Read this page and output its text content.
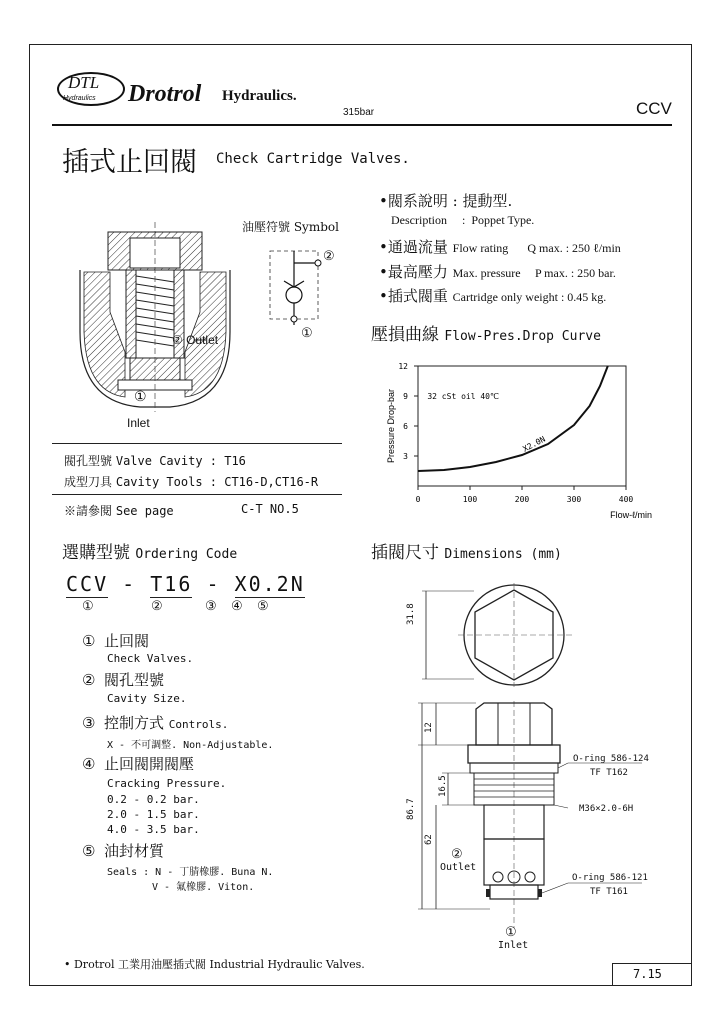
DTL
Hydraulics Drotrol Hydraulics.
315bar	CCV
插式止回閥 Check Cartridge Valves.
② Outlet
①
Inlet
油壓符號 Symbol
②
①
•閥系說明 : 提動型.
Description : Poppet Type.
•通過流量 Flow rating Q max. : 250 ℓ/min
•最高壓力 Max. pressure P max. : 250 bar.
•插式閥重 Cartridge only weight : 0.45 kg.
壓損曲線 Flow-Pres.Drop Curve
0	100	200	300	400
3
6
9
12
Flow-ℓ/min
Pressure Drop-bar	32 cSt oil 40℃
X2.0N
閥孔型號 Valve Cavity : T16
成型刀具 Cavity Tools : CT16-D,CT16-R
※請參閱 See page	C-T NO.5
選購型號 Ordering Code
CCV - T16 - X0.2N
①	②	③ ④ ⑤
① 止回閥
Check Valves.
② 閥孔型號
Cavity Size.
③ 控制方式 Controls.
X - 不可調整. Non-Adjustable.
④ 止回閥開閥壓
Cracking Pressure.
0.2 - 0.2 bar.
2.0 - 1.5 bar.
4.0 - 3.5 bar.
⑤ 油封材質
Seals : N - 丁腈橡膠. Buna N.
V - 氟橡膠. Viton.
插閥尺寸 Dimensions (mm)
31.8
12
16.5
86.7
62
O-ring 586-124
TF T162
M36×2.0-6H
O-ring 586-121
TF T161
②
Outlet
①
Inlet
• Drotrol 工業用油壓插式閥 Industrial Hydraulic Valves.
7.15
